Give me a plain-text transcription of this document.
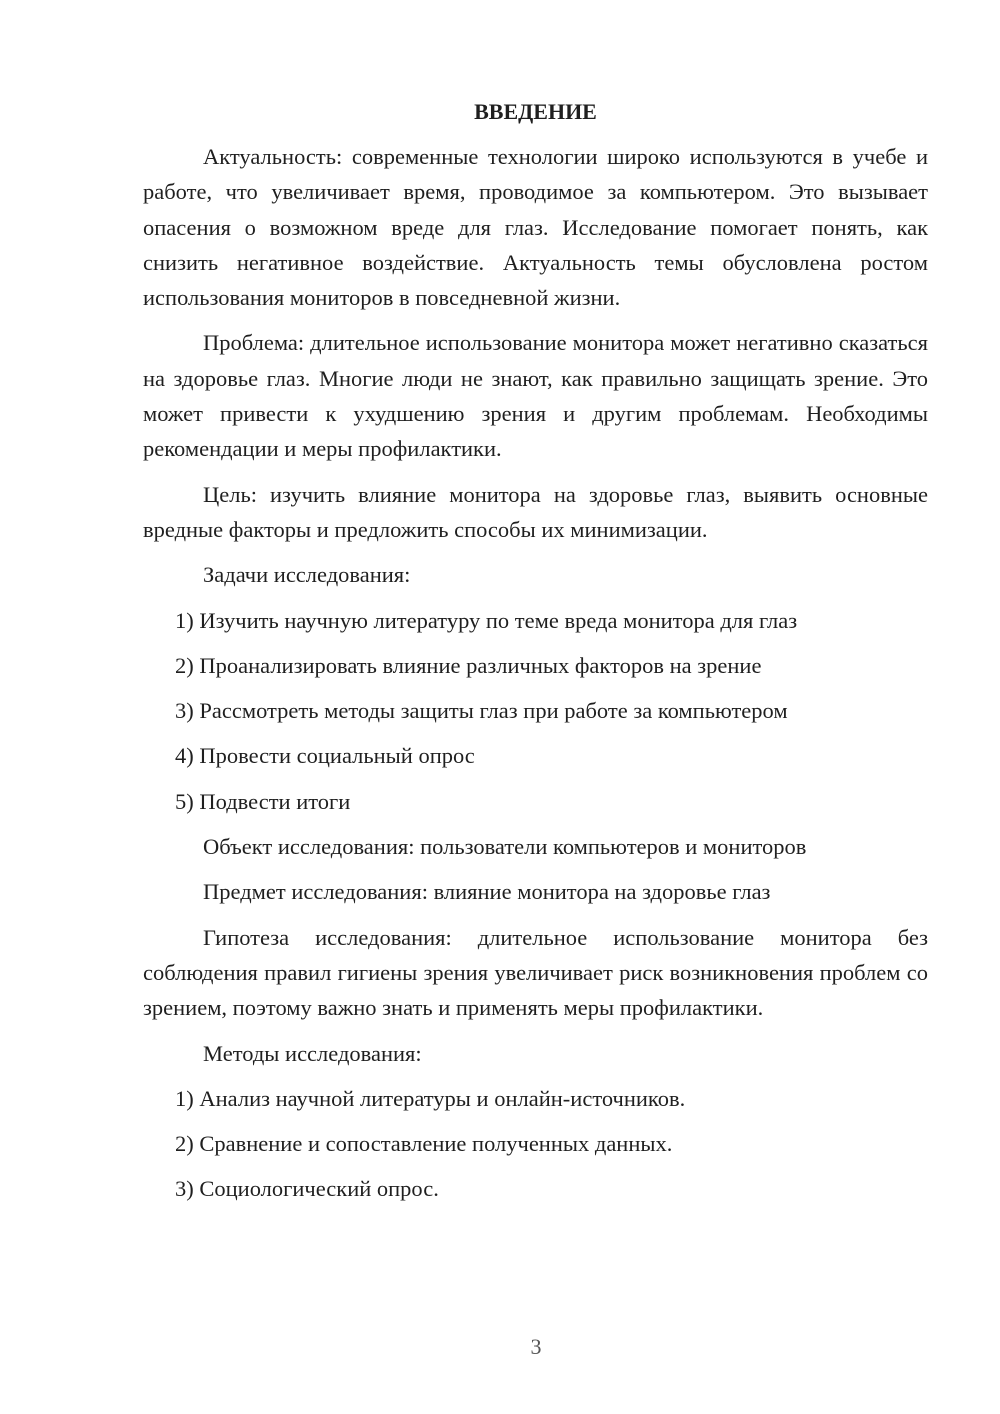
ВВЕДЕНИЕ

Актуальность: современные технологии широко используются в учебе и работе, что увеличивает время, проводимое за компьютером. Это вызывает опасения о возможном вреде для глаз. Исследование помогает понять, как снизить негативное воздействие. Актуальность темы обусловлена ростом использования мониторов в повседневной жизни.

Проблема: длительное использование монитора может негативно сказаться на здоровье глаз. Многие люди не знают, как правильно защищать зрение. Это может привести к ухудшению зрения и другим проблемам. Необходимы рекомендации и меры профилактики.

Цель: изучить влияние монитора на здоровье глаз, выявить основные вредные факторы и предложить способы их минимизации.

Задачи исследования:
1) Изучить научную литературу по теме вреда монитора для глаз
2) Проанализировать влияние различных факторов на зрение
3) Рассмотреть методы защиты глаз при работе за компьютером
4) Провести социальный опрос
5) Подвести итоги
Объект исследования: пользователи компьютеров и мониторов
Предмет исследования: влияние монитора на здоровье глаз

Гипотеза исследования: длительное использование монитора без соблюдения правил гигиены зрения увеличивает риск возникновения проблем со зрением, поэтому важно знать и применять меры профилактики.

Методы исследования:
1) Анализ научной литературы и онлайн-источников.
2) Сравнение и сопоставление полученных данных.
3) Социологический опрос.
3
